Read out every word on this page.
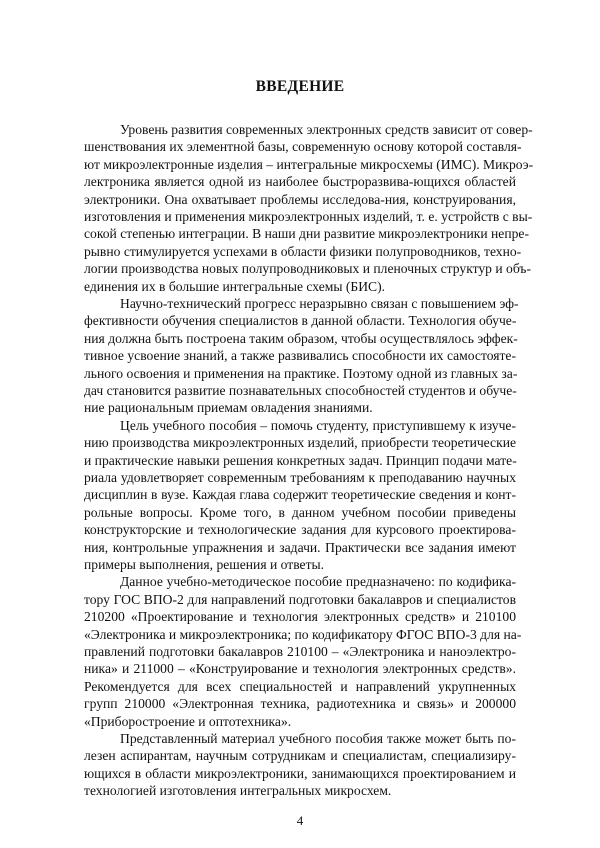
ВВЕДЕНИЕ
Уровень развития современных электронных средств зависит от совер-
шенствования их элементной базы, современную основу которой составля-
ют микроэлектронные изделия – интегральные микросхемы (ИМС). Микроэ-
лектроника является одной из наиболее быстроразвива-ющихся областей
электроники. Она охватывает проблемы исследова-ния, конструирования,
изготовления и применения микроэлектронных изделий, т. е. устройств с вы-
сокой степенью интеграции. В наши дни развитие микроэлектроники непре-
рывно стимулируется успехами в области физики полупроводников, техно-
логии производства новых полупроводниковых и пленочных структур и объ-
единения их в большие интегральные схемы (БИС).
Научно-технический прогресс неразрывно связан с повышением эф-
фективности обучения специалистов в данной области. Технология обуче-
ния должна быть построена таким образом, чтобы осуществлялось эффек-
тивное усвоение знаний, а также развивались способности их самостояте-
льного освоения и применения на практике. Поэтому одной из главных за-
дач становится развитие познавательных способностей студентов и обуче-
ние рациональным приемам овладения знаниями.
Цель учебного пособия – помочь студенту, приступившему к изуче-
нию производства микроэлектронных изделий, приобрести теоретические
и практические навыки решения конкретных задач. Принцип подачи мате-
риала удовлетворяет современным требованиям к преподаванию научных
дисциплин в вузе. Каждая глава содержит теоретические сведения и конт-
рольные вопросы. Кроме того, в данном учебном пособии приведены
конструкторские и технологические задания для курсового проектирова-
ния, контрольные упражнения и задачи. Практически все задания имеют
примеры выполнения, решения и ответы.
Данное учебно-методическое пособие предназначено: по кодифика-
тору ГОС ВПО-2 для направлений подготовки бакалавров и специалистов
210200 «Проектирование и технология электронных средств» и 210100
«Электроника и микроэлектроника; по кодификатору ФГОС ВПО-3 для на-
правлений подготовки бакалавров 210100 – «Электроника и наноэлектро-
ника» и 211000 – «Конструирование и технология электронных средств».
Рекомендуется для всех специальностей и направлений укрупненных
групп 210000 «Электронная техника, радиотехника и связь» и 200000
«Приборостроение и оптотехника».
Представленный материал учебного пособия также может быть по-
лезен аспирантам, научным сотрудникам и специалистам, специализиру-
ющихся в области микроэлектроники, занимающихся проектированием и
технологией изготовления интегральных микросхем.
4
